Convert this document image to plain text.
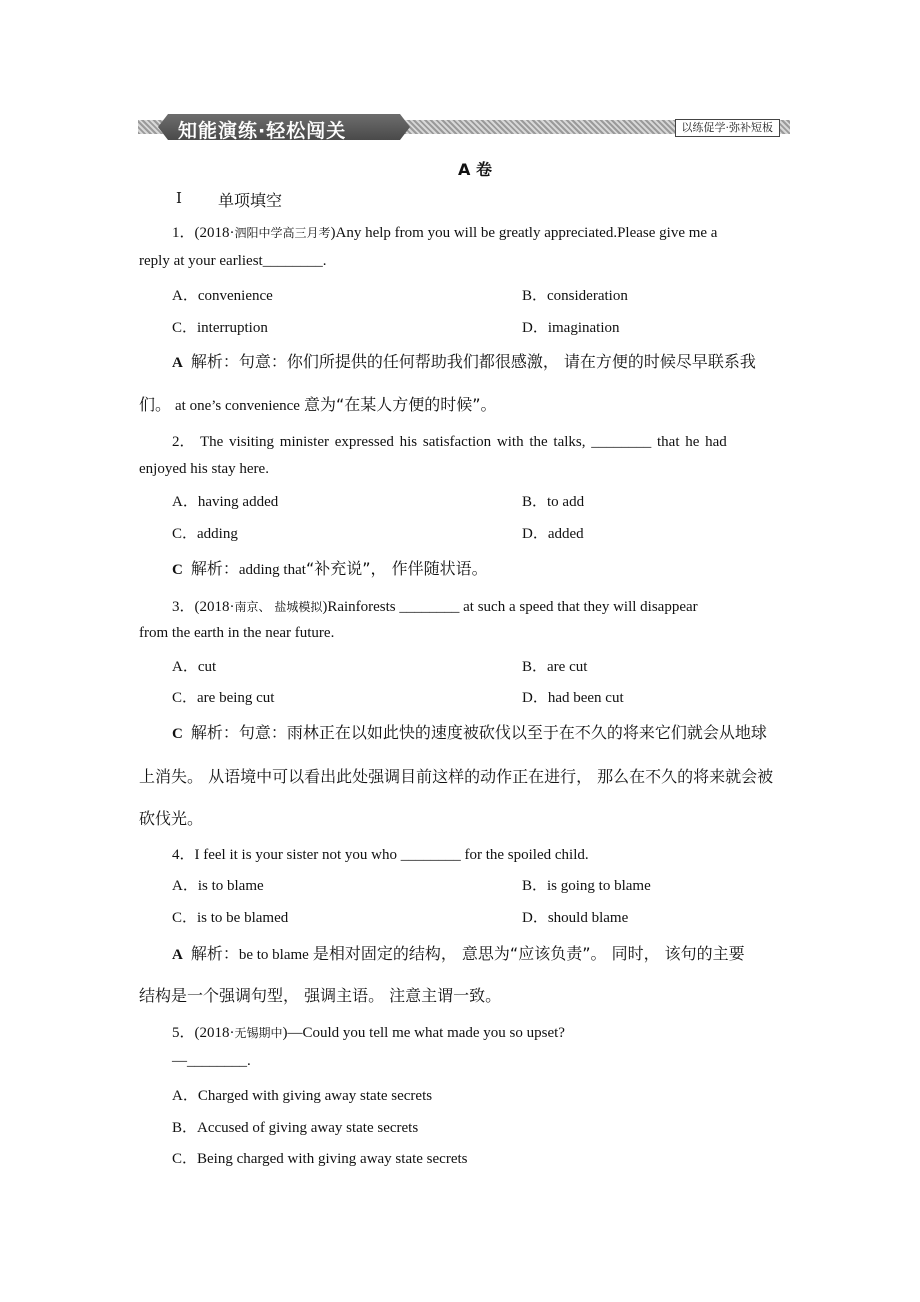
知能演练·轻松闯关	以练促学·弥补短板
A 卷
Ⅰ 单项填空
1．(2018·泗阳中学高三月考)Any help from you will be greatly appreciated.Please give me a
reply at your earliest________.
A．convenience	B．consideration
C．interruption	D．imagination
A 解析：句意：你们所提供的任何帮助我们都很感激， 请在方便的时候尽早联系我
们。 at one’s convenience 意为“在某人方便的时候”。
2． The visiting minister expressed his satisfaction with the talks, ________ that he had
enjoyed his stay here.
A．having added	B．to add
C．adding	D．added
C 解析：adding that“补充说”， 作伴随状语。
3．(2018·南京、 盐城模拟)Rainforests ________ at such a speed that they will disappear
from the earth in the near future.
A．cut	B．are cut
C．are being cut	D．had been cut
C 解析：句意：雨林正在以如此快的速度被砍伐以至于在不久的将来它们就会从地球
上消失。 从语境中可以看出此处强调目前这样的动作正在进行， 那么在不久的将来就会被
砍伐光。
4．I feel it is your sister not you who ________ for the spoiled child.
A．is to blame	B．is going to blame
C．is to be blamed	D．should blame
A 解析：be to blame 是相对固定的结构， 意思为“应该负责”。 同时， 该句的主要
结构是一个强调句型， 强调主语。 注意主谓一致。
5．(2018·无锡期中)—Could you tell me what made you so upset?
—________.
A．Charged with giving away state secrets
B．Accused of giving away state secrets
C．Being charged with giving away state secrets
